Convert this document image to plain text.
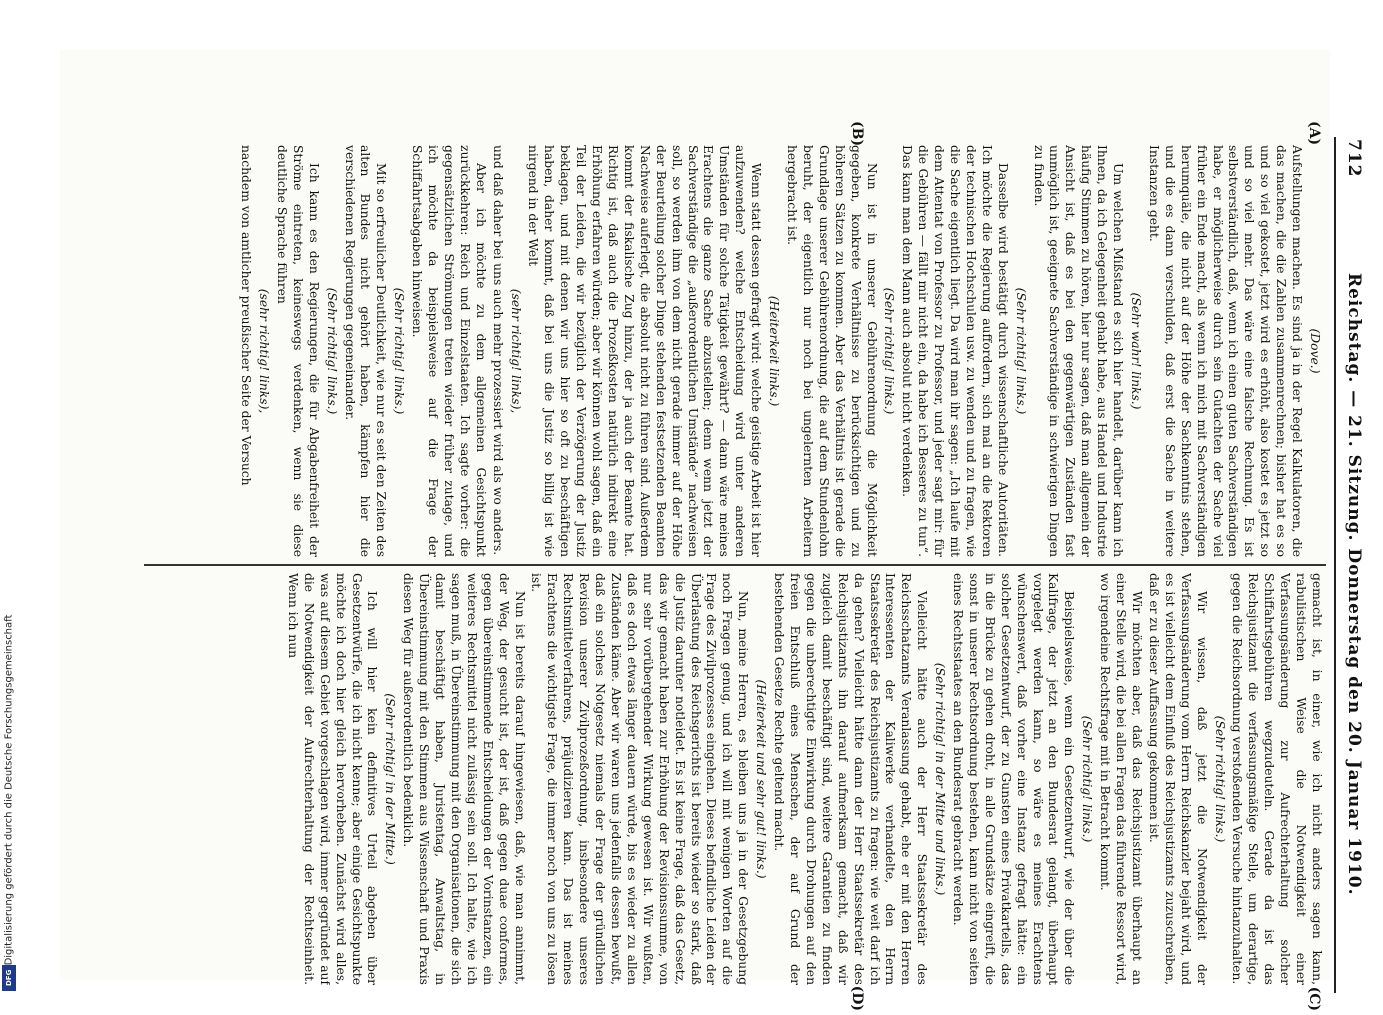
712
Reichstag. — 21. Sitzung. Donnerstag den 20. Januar 1910.
(A)
(B)
(C)
(D)

(Dove.)

Aufstellungen machen. Es sind ja in der Regel Kalkulatoren, die das machen, die die Zahlen zusammenrechnen; bisher hat es so und so viel gekostet, jetzt wird es erhöht, also kostet es jetzt so und so viel mehr. Das wäre eine falsche Rechnung. Es ist selbstverständlich, daß, wenn ich einen guten Sachverständigen habe, er möglicherweise durch sein Gutachten der Sache viel früher ein Ende macht, als wenn ich mich mit Sachverständigen herumquäle, die nicht auf der Höhe der Sachkenntnis stehen, und die es dann verschulden, daß erst die Sache in weitere Instanzen geht.

(Sehr wahr! links.)

Um welchen Mißstand es sich hier handelt, darüber kann ich Ihnen, da ich Gelegenheit gehabt habe, aus Handel und Industrie häufig Stimmen zu hören, hier nur sagen, daß man allgemein der Ansicht ist, daß es bei den gegenwärtigen Zuständen fast unmöglich ist, geeignete Sachverständige in schwierigen Dingen zu finden.

(Sehr richtig! links.)

Dasselbe wird bestätigt durch wissenschaftliche Autoritäten. Ich möchte die Regierung auffordern, sich mal an die Rektoren der technischen Hochschulen usw. zu wenden und zu fragen, wie die Sache eigentlich liegt. Da wird man ihr sagen: „Ich laufe mit dem Attentat von Professor zu Professor, und jeder sagt mir: für die Gebühren — fällt mir nicht ein, da habe ich Besseres zu tun“. Das kann man dem Mann auch absolut nicht verdenken.

(Sehr richtig! links.)

Nun ist in unserer Gebührenordnung die Möglichkeit gegeben, konkrete Verhältnisse zu berücksichtigen und zu höheren Sätzen zu kommen. Aber das Verhältnis ist gerade die Grundlage unserer Gebührenordnung, die auf dem Stundenlohn beruht, der eigentlich nur noch bei ungelernten Arbeitern hergebracht ist.

(Heiterkeit links.)

Wenn statt dessen gefragt wird: welche geistige Arbeit ist hier aufzuwenden? welche Entscheidung wird unter anderen Umständen für solche Tätigkeit gewährt? — dann wäre meines Erachtens die ganze Sache abzustellen; denn wenn jetzt der Sachverständige die „außerordentlichen Umstände“ nachweisen soll, so werden ihm von dem nicht gerade immer auf der Höhe der Beurteilung solcher Dinge stehenden festsetzenden Beamten Nachweise auferlegt, die absolut nicht zu führen sind. Außerdem kommt der fiskalische Zug hinzu, der ja auch der Beamte hat. Richtig ist, daß auch die Prozeßkosten natürlich indirekt eine Erhöhung erfahren würden; aber wir können wohl sagen, daß ein Teil der Leiden, die wir bezüglich der Verzögerung der Justiz beklagen, und mit denen wir uns hier so oft zu beschäftigen haben, daher kommt, daß bei uns die Justiz so billig ist wie nirgend in der Welt

(sehr richtig! links),

und daß daher bei uns auch mehr prozessiert wird als wo anders.

Aber ich möchte zu dem allgemeinen Gesichtspunkt zurückkehren: Reich und Einzelstaaten. Ich sagte vorher: die gegensätzlichen Strömungen treten wieder früher zutage, und ich möchte da beispielsweise auf die Frage der Schiffahrtsabgaben hinweisen.

(Sehr richtig! links.)

Mit so erfreulicher Deutlichkeit, wie nur es seit den Zeiten des alten Bundes nicht gehört haben, kämpfen hier die verschiedenen Regierungen gegeneinander.

(Sehr richtig! links.)

Ich kann es den Regierungen, die für Abgabenfreiheit der Ströme eintreten, keineswegs verdenken, wenn sie diese deutliche Sprache führen

(sehr richtig! links),

nachdem von amtlicher preußischer Seite der Versuch

gemacht ist, in einer, wie ich nicht anders sagen kann, rabulistischen Weise die Notwendigkeit einer Verfassungsänderung zur Aufrechterhaltung solcher Schiffahrtsgebühren wegzudeuteln. Gerade da ist das Reichsjustizamt die verfassungsmäßige Stelle, um derartige, gegen die Reichsordnung verstoßenden Versuche hintanzuhalten.

(Sehr richtig! links.)

Wir wissen, daß jetzt die Notwendigkeit der Verfassungsänderung vom Herrn Reichskanzler bejaht wird, und es ist vielleicht dem Einfluß des Reichsjustizamts zuzuschreiben, daß er zu dieser Auffassung gekommen ist.

Wir möchten aber, daß das Reichsjustizamt überhaupt an einer Stelle wird, die bei allen Fragen das führende Ressort wird, wo irgendeine Rechtsfrage mit in Betracht kommt.

(Sehr richtig! links.)

Beispielsweise, wenn ein Gesetzentwurf, wie der über die Kalifrage, der jetzt an den Bundesrat gelangt, überhaupt vorgelegt werden kann, so wäre es meines Erachtens wünschenswert, daß vorher eine Instanz gefragt hätte: ein solcher Gesetzentwurf, der zu Gunsten eines Privatkartells, das in die Brücke zu gehen droht, in alle Grundsätze eingreift, die sonst in unserer Rechtsordnung bestehen, kann nicht von seiten eines Rechtsstaates an den Bundesrat gebracht werden.

(Sehr richtig! in der Mitte und links.)

Vielleicht hätte auch der Herr Staatssekretär des Reichsschatzamts Veranlassung gehabt, ehe er mit den Herren Interessenten der Kaliwerke verhandelte, den Herrn Staatssekretär des Reichsjustizamts zu fragen: wie weit darf ich da gehen? Vielleicht hätte dann der Herr Staatssekretär des Reichsjustizamts ihn darauf aufmerksam gemacht, daß wir zugleich damit beschäftigt sind, weitere Garantien zu finden gegen die unberechtigte Einwirkung durch Drohungen auf den freien Entschluß eines Menschen, der auf Grund der bestehenden Gesetze Rechte geltend macht.

(Heiterkeit und sehr gut! links.)

Nun, meine Herren, es bleiben uns ja in der Gesetzgebung noch Fragen genug, und ich will mit wenigen Worten auf die Frage des Zivilprozesses eingehen. Dieses befindliche Leiden der Überlastung des Reichsgerichts ist bereits wieder so stark, daß die Justiz darunter notleidet. Es ist keine Frage, daß das Gesetz, das wir gemacht haben zur Erhöhung der Revisionssumme, von nur sehr vorübergehender Wirkung gewesen ist. Wir wußten, daß es doch etwas länger dauern würde, bis es wieder zu allen Zuständen käme. Aber wir waren uns jedenfalls dessen bewußt, daß ein solches Notgesetz niemals der Frage der gründlichen Revision unserer Zivilprozeßordnung, insbesondere unseres Rechtsmittelverfahrens, präjudizieren kann. Das ist meines Erachtens die wichtigste Frage, die immer noch von uns zu lösen ist.

Nun ist bereits darauf hingewiesen, daß, wie man annimmt, der Weg, der gesucht ist, der ist, daß gegen duae conformes, gegen übereinstimmende Entscheidungen der Vorinstanzen, ein weiteres Rechtsmittel nicht zulässig sein soll. Ich halte, wie ich sagen muß, in Übereinstimmung mit den Organisationen, die sich damit beschäftigt haben, Juristentag, Anwaltstag, in Übereinstimmung mit den Stimmen aus Wissenschaft und Praxis diesen Weg für außerordentlich bedenklich.

(Sehr richtig! in der Mitte.)

Ich will hier kein definitives Urteil abgeben über Gesetzentwürfe, die ich nicht kenne; aber einige Gesichtspunkte möchte ich doch hier gleich hervorheben. Zunächst wird alles, was auf diesem Gebiet vorgeschlagen wird, immer gegründet auf die Notwendigkeit der Aufrechterhaltung der Rechtseinheit. Wenn ich nun

Digitalisierung gefördert durch die Deutsche Forschungsgemeinschaft
DFG
